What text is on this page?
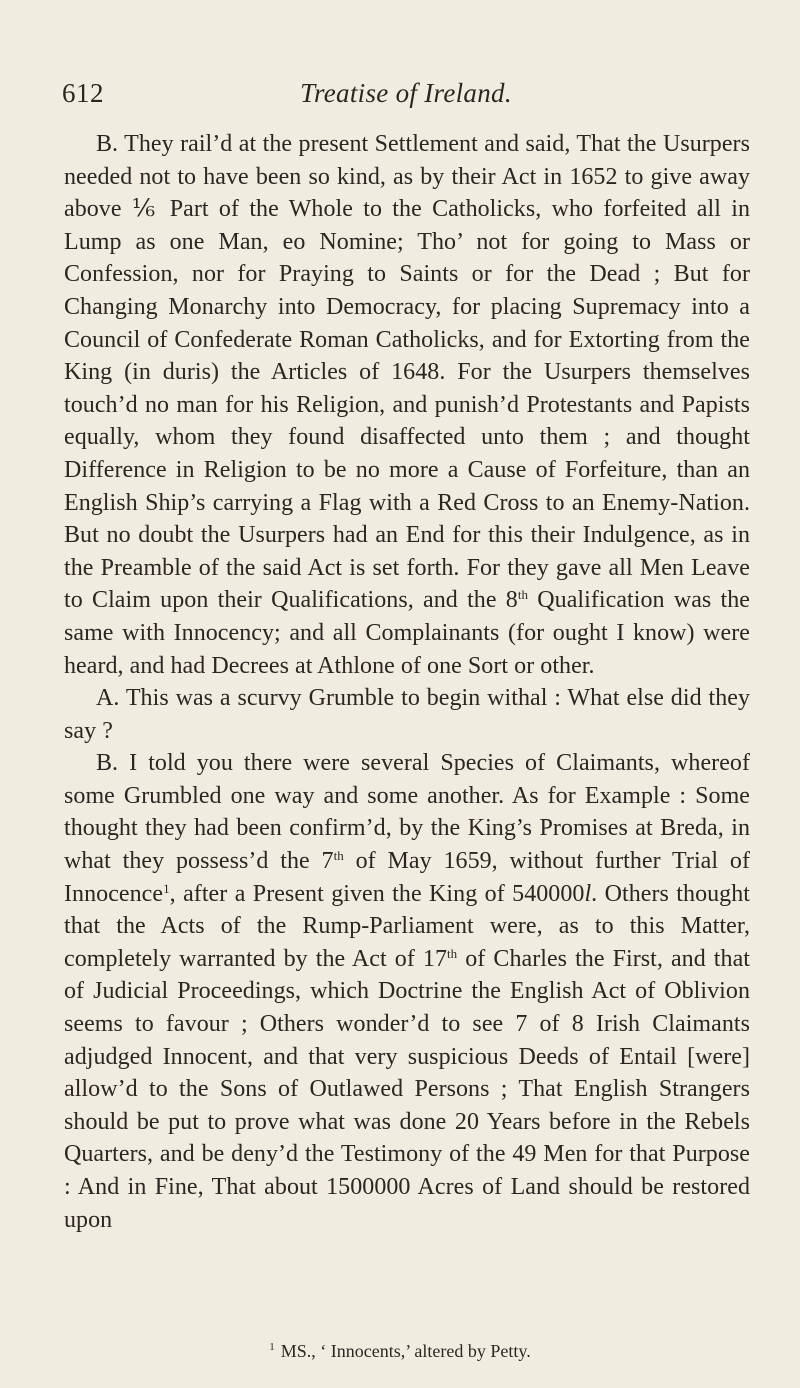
612	Treatise of Ireland.

B. They rail’d at the present Settlement and said, That the Usurpers needed not to have been so kind, as by their Act in 1652 to give away above ⅙ Part of the Whole to the Catholicks, who forfeited all in Lump as one Man, eo Nomine; Tho’ not for going to Mass or Confession, nor for Praying to Saints or for the Dead ; But for Changing Monarchy into Democracy, for placing Supremacy into a Council of Confederate Roman Catholicks, and for Extorting from the King (in duris) the Articles of 1648. For the Usurpers themselves touch’d no man for his Religion, and punish’d Protestants and Papists equally, whom they found disaffected unto them ; and thought Difference in Religion to be no more a Cause of Forfeiture, than an English Ship’s carrying a Flag with a Red Cross to an Enemy-Nation. But no doubt the Usurpers had an End for this their Indulgence, as in the Preamble of the said Act is set forth. For they gave all Men Leave to Claim upon their Qualifications, and the 8th Qualification was the same with Innocency; and all Complainants (for ought I know) were heard, and had Decrees at Athlone of one Sort or other.

A. This was a scurvy Grumble to begin withal : What else did they say ?

B. I told you there were several Species of Claimants, whereof some Grumbled one way and some another. As for Example : Some thought they had been confirm’d, by the King’s Promises at Breda, in what they possess’d the 7th of May 1659, without further Trial of Innocence$^1$, after a Present given the King of 540000l. Others thought that the Acts of the Rump-Parliament were, as to this Matter, completely warranted by the Act of 17th of Charles the First, and that of Judicial Proceedings, which Doctrine the English Act of Oblivion seems to favour ; Others wonder’d to see 7 of 8 Irish Claimants adjudged Innocent, and that very suspicious Deeds of Entail [were] allow’d to the Sons of Outlawed Persons ; That English Strangers should be put to prove what was done 20 Years before in the Rebels Quarters, and be deny’d the Testimony of the 49 Men for that Purpose : And in Fine, That about 1500000 Acres of Land should be restored upon

$^1$ MS., ‘ Innocents,’ altered by Petty.
